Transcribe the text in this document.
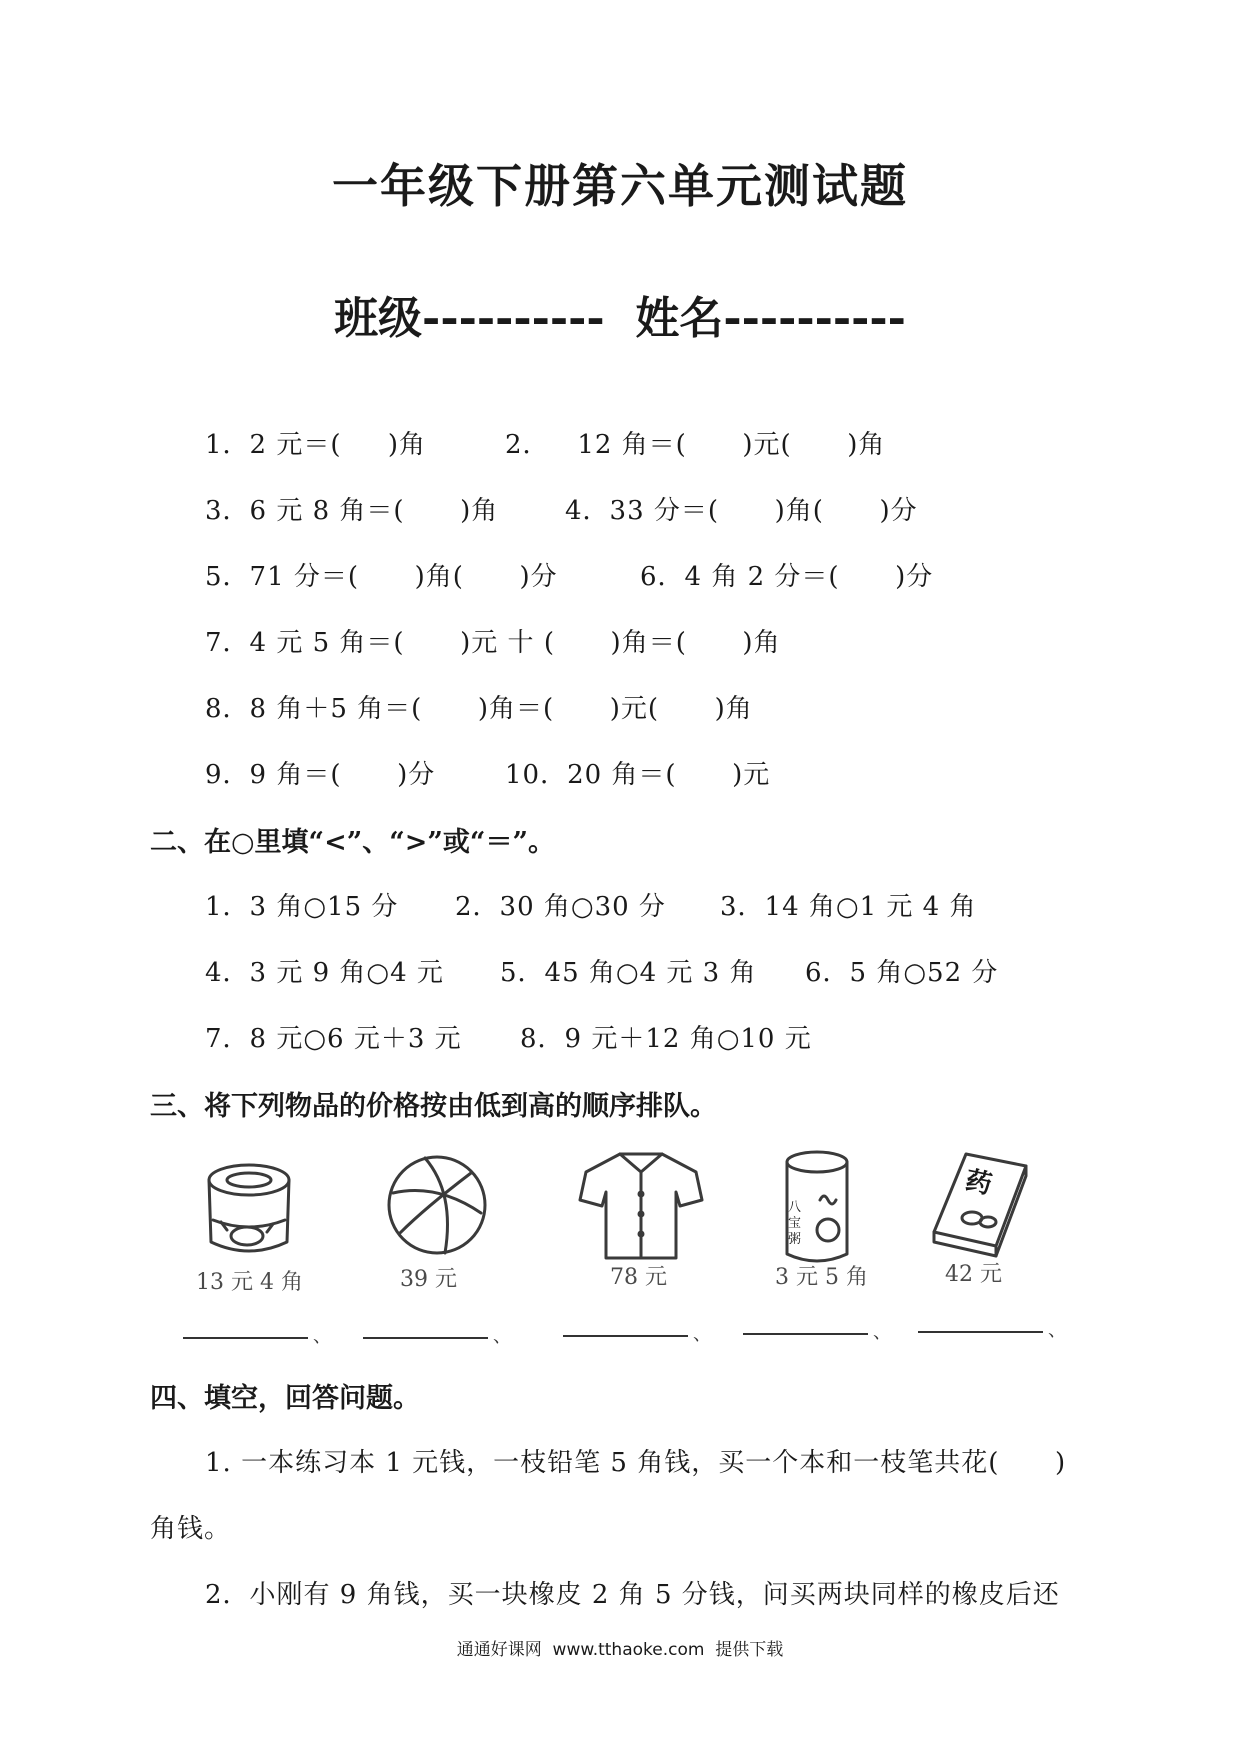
一年级下册第六单元测试题
班级----------  姓名----------
1．2 元＝(     )角	2．   12 角＝(      )元(      )角
3．6 元 8 角＝(      )角	4．33 分＝(      )角(      )分
5．71 分＝(      )角(      )分	6．4 角 2 分＝(      )分
7．4 元 5 角＝(      )元 十 (      )角＝(      )角
8．8 角＋5 角＝(      )角＝(      )元(      )角
9．9 角＝(      )分	10．20 角＝(      )元
二、在○里填“<”、“>”或“＝”。
1．3 角○15 分 2．30 角○30 分 3．14 角○1 元 4 角
4．3 元 9 角○4 元 5．45 角○4 元 3 角 6．5 角○52 分
7．8 元○6 元＋3 元 8．9 元＋12 角○10 元
三、将下列物品的价格按由低到高的顺序排队。
13 元 4 角	39 元	78 元
八宝粥
3 元 5 角
药
42 元
、	、	、	、	、
四、填空，回答问题。
1. 一本练习本 1 元钱，一枝铅笔 5 角钱，买一个本和一枝笔共花(      )
角钱。
2．小刚有 9 角钱，买一块橡皮 2 角 5 分钱，问买两块同样的橡皮后还
通通好课网  www.tthaoke.com  提供下载
